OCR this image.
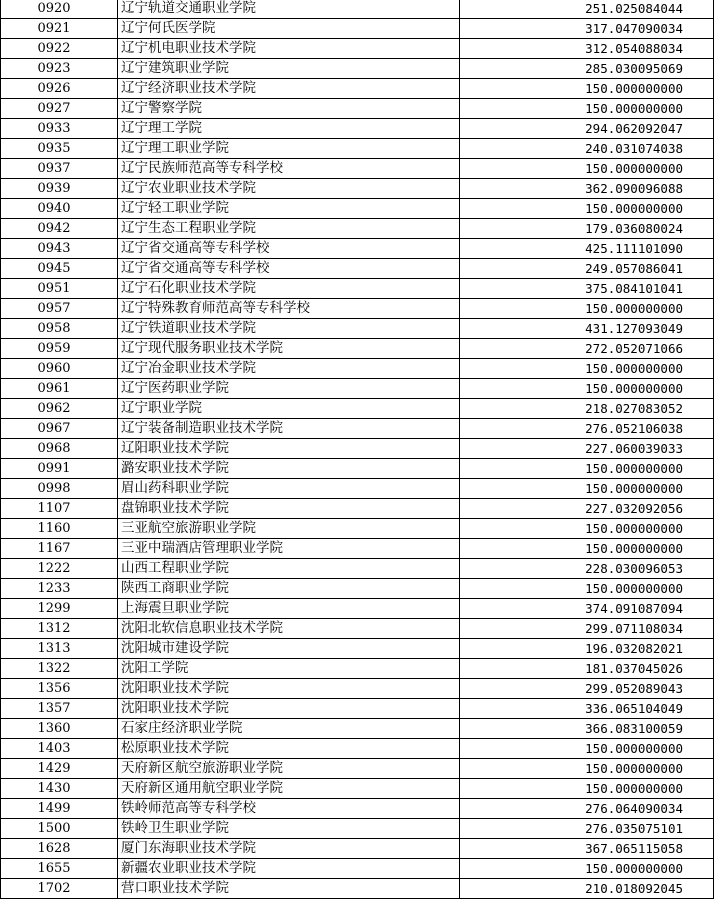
0920	辽宁轨道交通职业学院	251.025084044
0921	辽宁何氏医学院	317.047090034
0922	辽宁机电职业技术学院	312.054088034
0923	辽宁建筑职业学院	285.030095069
0926	辽宁经济职业技术学院	150.000000000
0927	辽宁警察学院	150.000000000
0933	辽宁理工学院	294.062092047
0935	辽宁理工职业学院	240.031074038
0937	辽宁民族师范高等专科学校	150.000000000
0939	辽宁农业职业技术学院	362.090096088
0940	辽宁轻工职业学院	150.000000000
0942	辽宁生态工程职业学院	179.036080024
0943	辽宁省交通高等专科学校	425.111101090
0945	辽宁省交通高等专科学校	249.057086041
0951	辽宁石化职业技术学院	375.084101041
0957	辽宁特殊教育师范高等专科学校	150.000000000
0958	辽宁铁道职业技术学院	431.127093049
0959	辽宁现代服务职业技术学院	272.052071066
0960	辽宁冶金职业技术学院	150.000000000
0961	辽宁医药职业学院	150.000000000
0962	辽宁职业学院	218.027083052
0967	辽宁装备制造职业技术学院	276.052106038
0968	辽阳职业技术学院	227.060039033
0991	潞安职业技术学院	150.000000000
0998	眉山药科职业学院	150.000000000
1107	盘锦职业技术学院	227.032092056
1160	三亚航空旅游职业学院	150.000000000
1167	三亚中瑞酒店管理职业学院	150.000000000
1222	山西工程职业学院	228.030096053
1233	陕西工商职业学院	150.000000000
1299	上海震旦职业学院	374.091087094
1312	沈阳北软信息职业技术学院	299.071108034
1313	沈阳城市建设学院	196.032082021
1322	沈阳工学院	181.037045026
1356	沈阳职业技术学院	299.052089043
1357	沈阳职业技术学院	336.065104049
1360	石家庄经济职业学院	366.083100059
1403	松原职业技术学院	150.000000000
1429	天府新区航空旅游职业学院	150.000000000
1430	天府新区通用航空职业学院	150.000000000
1499	铁岭师范高等专科学校	276.064090034
1500	铁岭卫生职业学院	276.035075101
1628	厦门东海职业技术学院	367.065115058
1655	新疆农业职业技术学院	150.000000000
1702	营口职业技术学院	210.018092045
